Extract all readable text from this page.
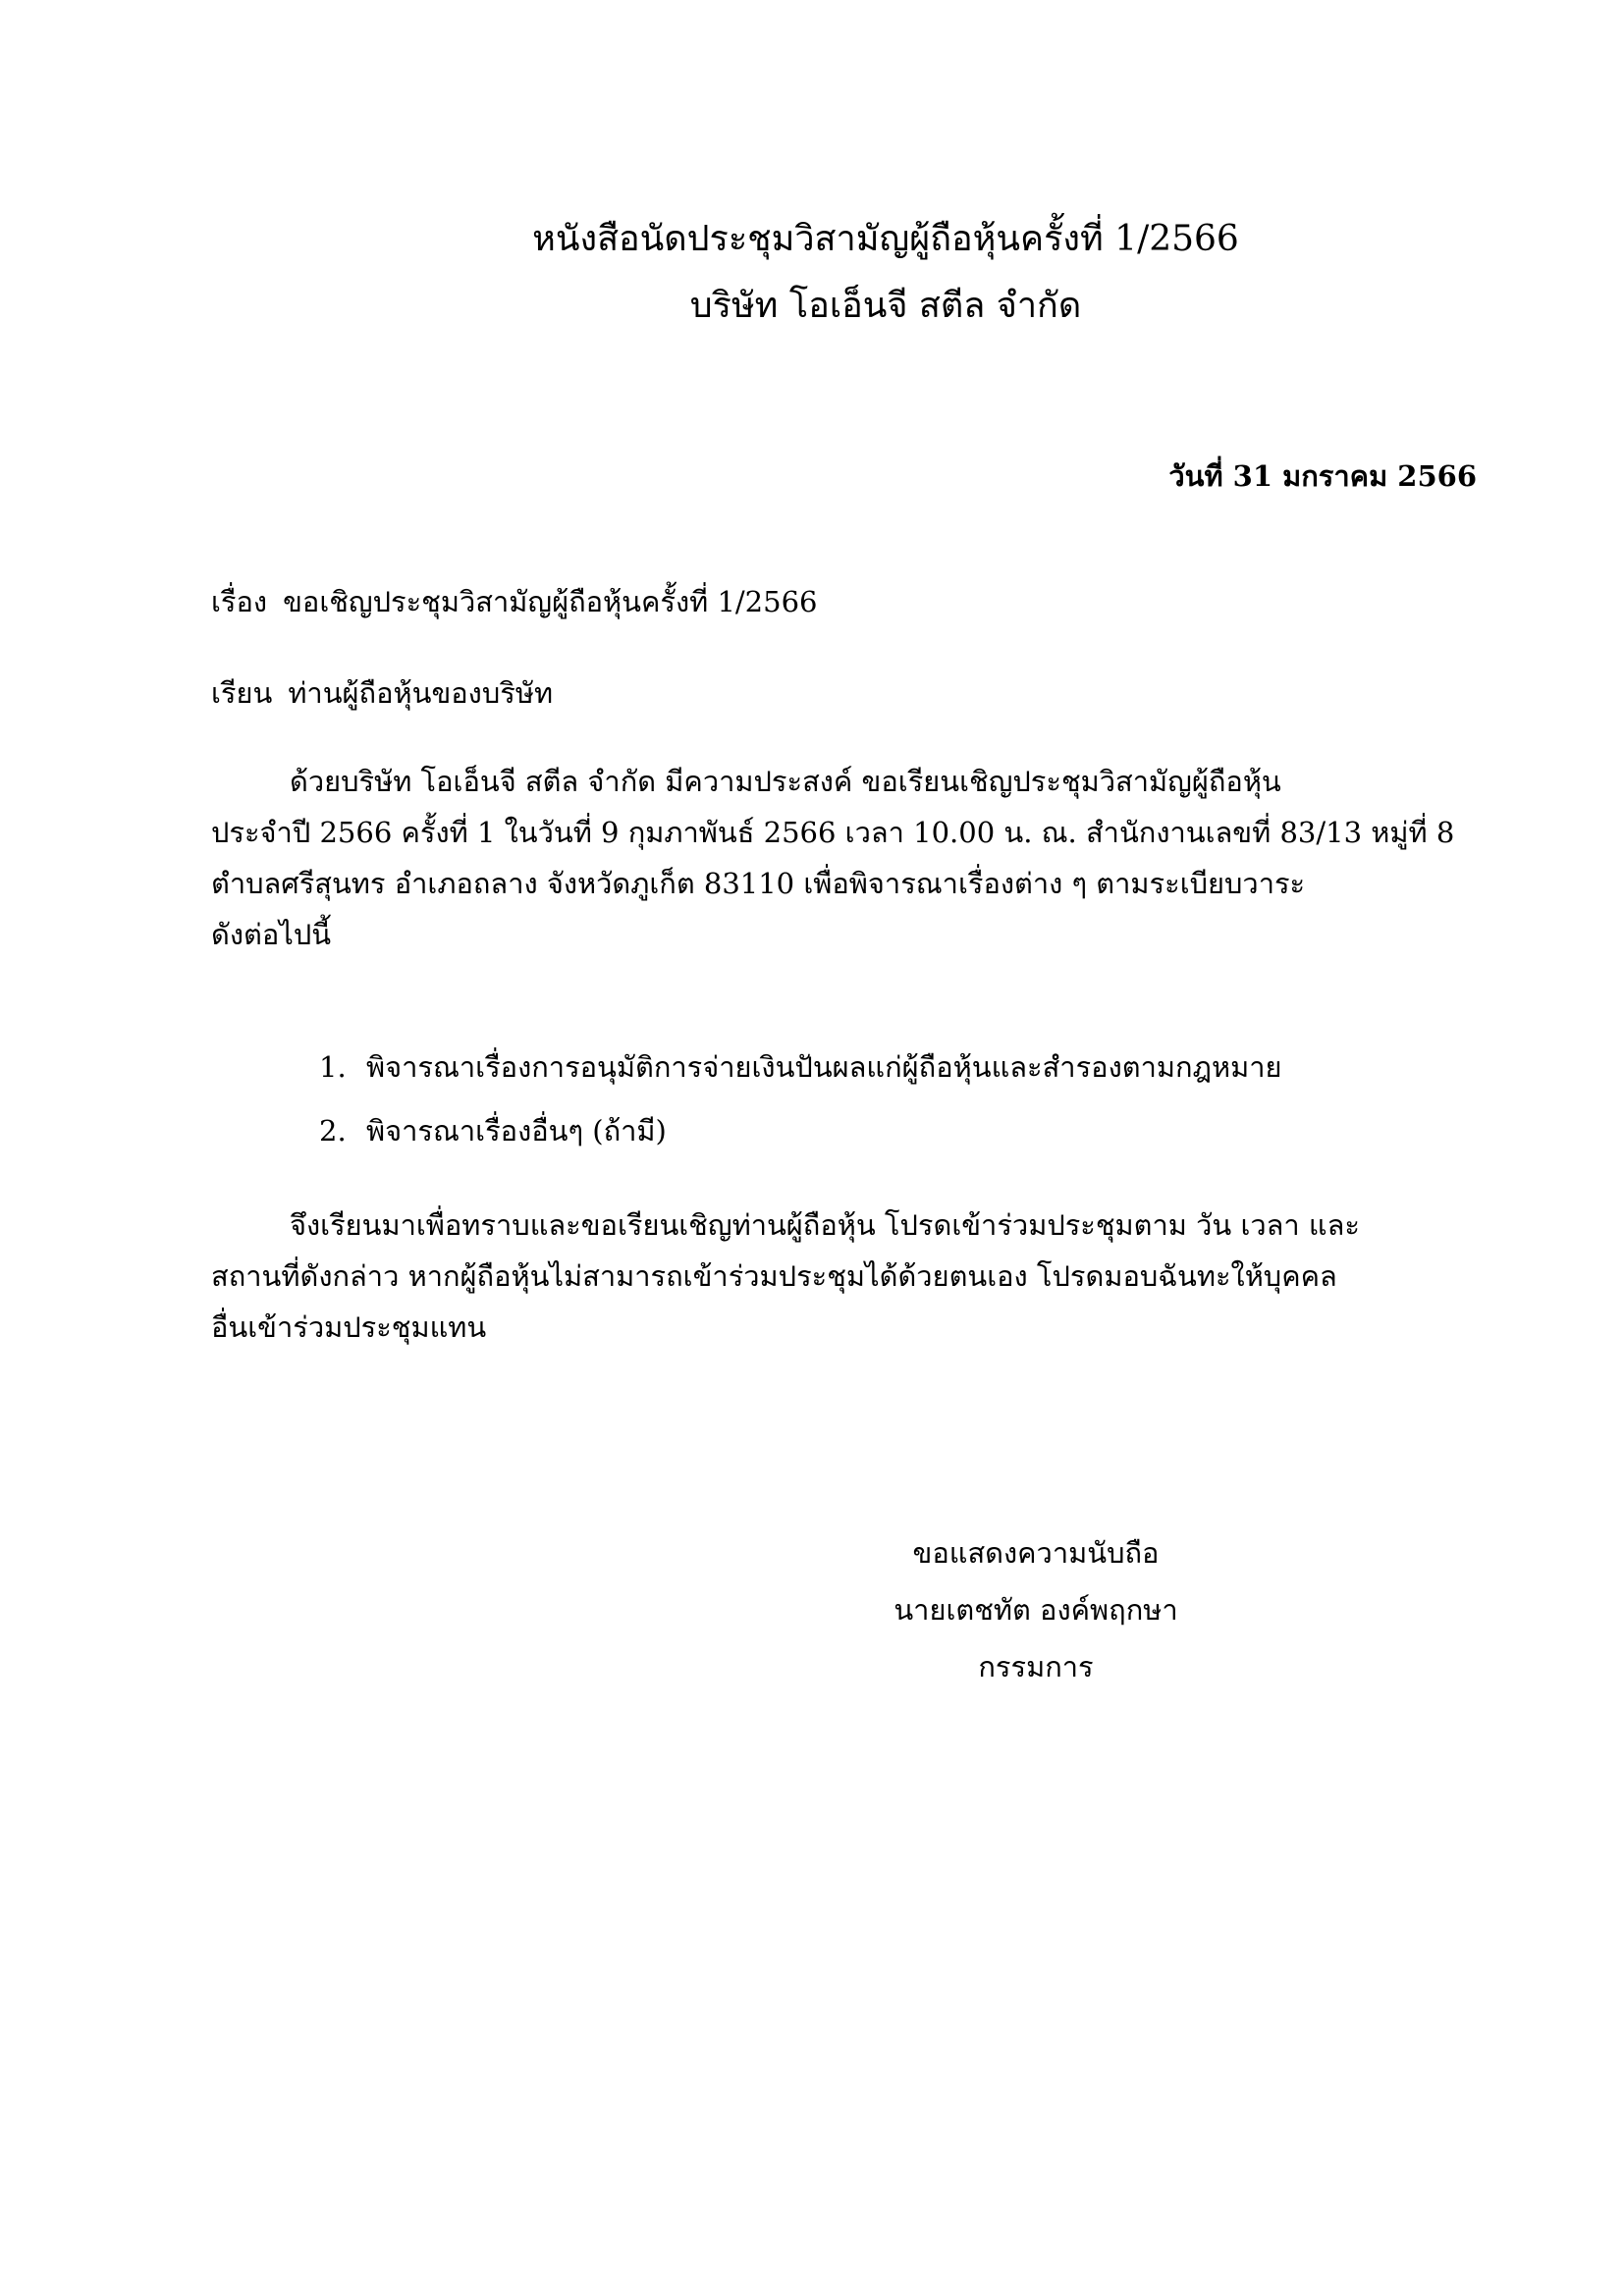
หนังสือนัดประชุมวิสามัญผู้ถือหุ้นครั้งที่ 1/2566
บริษัท โอเอ็นจี สตีล จำกัด
วันที่ 31 มกราคม 2566
เรื่อง ขอเชิญประชุมวิสามัญผู้ถือหุ้นครั้งที่ 1/2566
เรียน ท่านผู้ถือหุ้นของบริษัท
ด้วยบริษัท โอเอ็นจี สตีล จำกัด มีความประสงค์ ขอเรียนเชิญประชุมวิสามัญผู้ถือหุ้น
ประจำปี 2566 ครั้งที่ 1 ในวันที่ 9 กุมภาพันธ์ 2566 เวลา 10.00 น. ณ. สำนักงานเลขที่ 83/13 หมู่ที่ 8
ตำบลศรีสุนทร อำเภอถลาง จังหวัดภูเก็ต 83110 เพื่อพิจารณาเรื่องต่าง ๆ ตามระเบียบวาระ
ดังต่อไปนี้
1. พิจารณาเรื่องการอนุมัติการจ่ายเงินปันผลแก่ผู้ถือหุ้นและสำรองตามกฎหมาย
2. พิจารณาเรื่องอื่นๆ (ถ้ามี)
จึงเรียนมาเพื่อทราบและขอเรียนเชิญท่านผู้ถือหุ้น โปรดเข้าร่วมประชุมตาม วัน เวลา และ
สถานที่ดังกล่าว หากผู้ถือหุ้นไม่สามารถเข้าร่วมประชุมได้ด้วยตนเอง โปรดมอบฉันทะให้บุคคล
อื่นเข้าร่วมประชุมแทน
ขอแสดงความนับถือ
นายเตชทัต องค์พฤกษา
กรรมการ
